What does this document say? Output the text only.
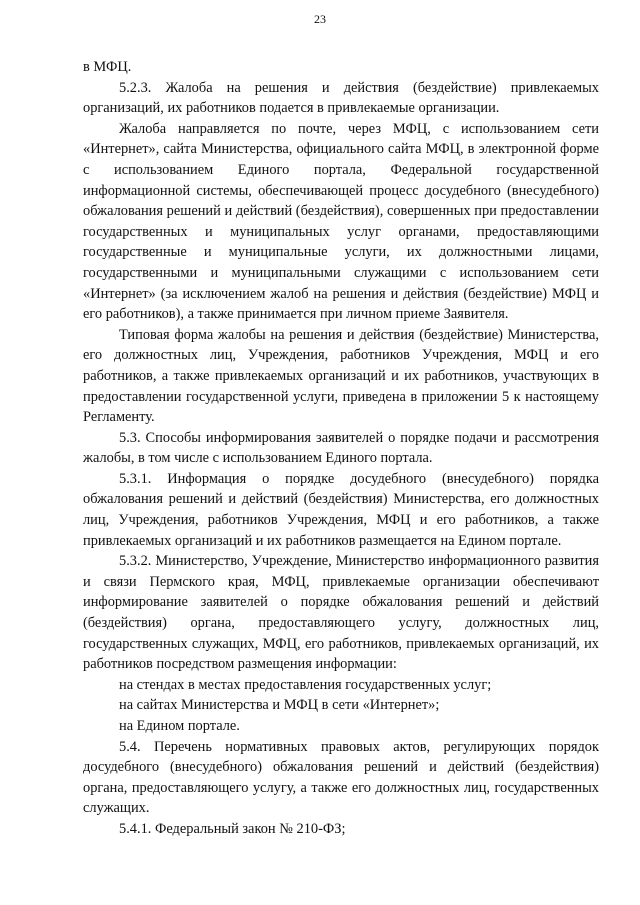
23

в МФЦ.

5.2.3. Жалоба на решения и действия (бездействие) привлекаемых организаций, их работников подается в привлекаемые организации.

Жалоба направляется по почте, через МФЦ, с использованием сети «Интернет», сайта Министерства, официального сайта МФЦ, в электронной форме с использованием Единого портала, Федеральной государственной информационной системы, обеспечивающей процесс досудебного (внесудебного) обжалования решений и действий (бездействия), совершенных при предоставлении государственных и муниципальных услуг органами, предоставляющими государственные и муниципальные услуги, их должностными лицами, государственными и муниципальными служащими с использованием сети «Интернет» (за исключением жалоб на решения и действия (бездействие) МФЦ и его работников), а также принимается при личном приеме Заявителя.

Типовая форма жалобы на решения и действия (бездействие) Министерства, его должностных лиц, Учреждения, работников Учреждения, МФЦ и его работников, а также привлекаемых организаций и их работников, участвующих в предоставлении государственной услуги, приведена в приложении 5 к настоящему Регламенту.

5.3. Способы информирования заявителей о порядке подачи и рассмотрения жалобы, в том числе с использованием Единого портала.

5.3.1. Информация о порядке досудебного (внесудебного) порядка обжалования решений и действий (бездействия) Министерства, его должностных лиц, Учреждения, работников Учреждения, МФЦ и его работников, а также привлекаемых организаций и их работников размещается на Едином портале.

5.3.2. Министерство, Учреждение, Министерство информационного развития и связи Пермского края, МФЦ, привлекаемые организации обеспечивают информирование заявителей о порядке обжалования решений и действий (бездействия) органа, предоставляющего услугу, должностных лиц, государственных служащих, МФЦ, его работников, привлекаемых организаций, их работников посредством размещения информации:

на стендах в местах предоставления государственных услуг;

на сайтах Министерства и МФЦ в сети «Интернет»;

на Едином портале.

5.4. Перечень нормативных правовых актов, регулирующих порядок досудебного (внесудебного) обжалования решений и действий (бездействия) органа, предоставляющего услугу, а также его должностных лиц, государственных служащих.

5.4.1. Федеральный закон № 210-ФЗ;
